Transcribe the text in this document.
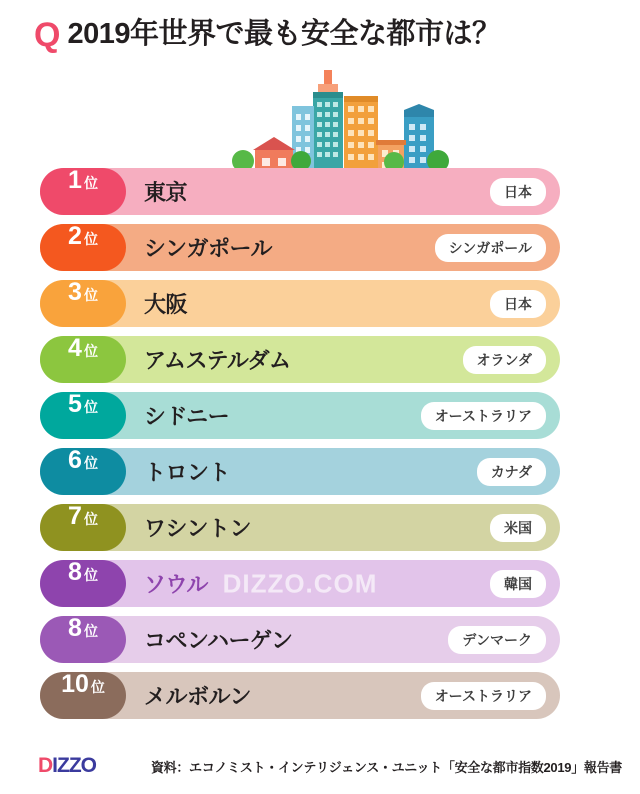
Q 2019年世界で最も安全な都市は？
1 位 東京	日本
2 位 シンガポール	シンガポール
3 位 大阪	日本
4 位 アムステルダム	オランダ
5 位 シドニー	オーストラリア
6 位 トロント	カナダ
7 位 ワシントン	米国
8 位 ソウル	韓国
DIZZO.COM
8 位 コペンハーゲン	デンマーク
10 位 メルボルン	オーストラリア
DIZZO	資料：エコノミスト・インテリジェンス・ユニット「安全な都市指数2019」報告書
